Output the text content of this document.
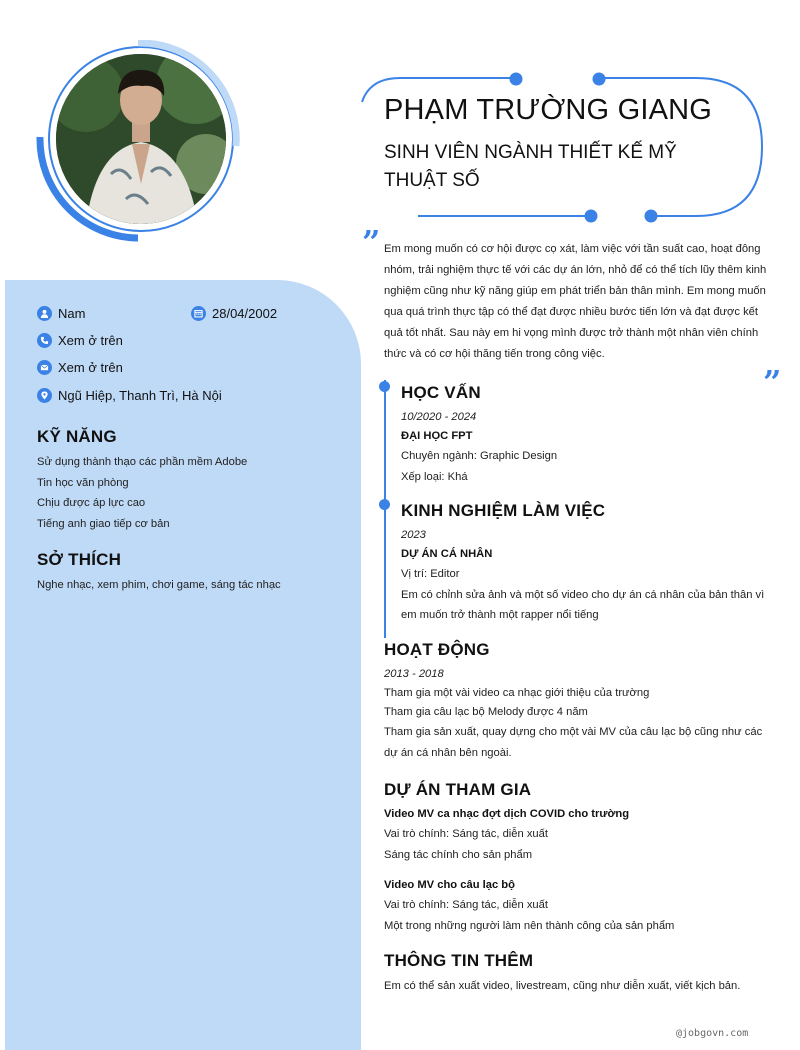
PHẠM TRƯỜNG GIANG
SINH VIÊN NGÀNH THIẾT KẾ MỸ THUẬT SỐ
” Em mong muốn có cơ hội được cọ xát, làm việc với tần suất cao, hoạt đông nhóm, trải nghiệm thực tế với các dự án lớn, nhỏ để có thể tích lũy thêm kinh nghiệm cũng như kỹ năng giúp em phát triển bản thân mình. Em mong muốn qua quá trình thực tập có thể đạt được nhiều bước tiến lớn và đạt được kết quả tốt nhất. Sau này em hi vọng mình được trở thành một nhân viên chính thức và có cơ hội thăng tiến trong công việc.
”
Nam	28/04/2002
Xem ở trên
Xem ở trên
Ngũ Hiệp, Thanh Trì, Hà Nội
KỸ NĂNG
Sử dụng thành thạo các phần mềm Adobe
Tin học văn phòng
Chịu được áp lực cao
Tiếng anh giao tiếp cơ bản
SỞ THÍCH
Nghe nhạc, xem phim, chơi game, sáng tác nhạc
HỌC VẤN
10/2020 - 2024
ĐẠI HỌC FPT
Chuyên ngành: Graphic Design
Xếp loại: Khá
KINH NGHIỆM LÀM VIỆC
2023
DỰ ÁN CÁ NHÂN
Vị trí: Editor
Em có chỉnh sửa ảnh và một số video cho dự án cá nhân của bản thân vì em muốn trở thành một rapper nổi tiếng
HOẠT ĐỘNG
2013 - 2018
Tham gia một vài video ca nhạc giới thiệu của trường
Tham gia câu lạc bộ Melody được 4 năm
Tham gia sản xuất, quay dựng cho một vài MV của câu lạc bộ cũng như các dự án cá nhân bên ngoài.
DỰ ÁN THAM GIA
Video MV ca nhạc đợt dịch COVID cho trường
Vai trò chính: Sáng tác, diễn xuất
Sáng tác chính cho sản phẩm
Video MV cho câu lạc bộ
Vai trò chính: Sáng tác, diễn xuất
Một trong những người làm nên thành công của sản phẩm
THÔNG TIN THÊM
Em có thể sản xuất video, livestream, cũng như diễn xuất, viết kịch bản.
@jobgovn.com
